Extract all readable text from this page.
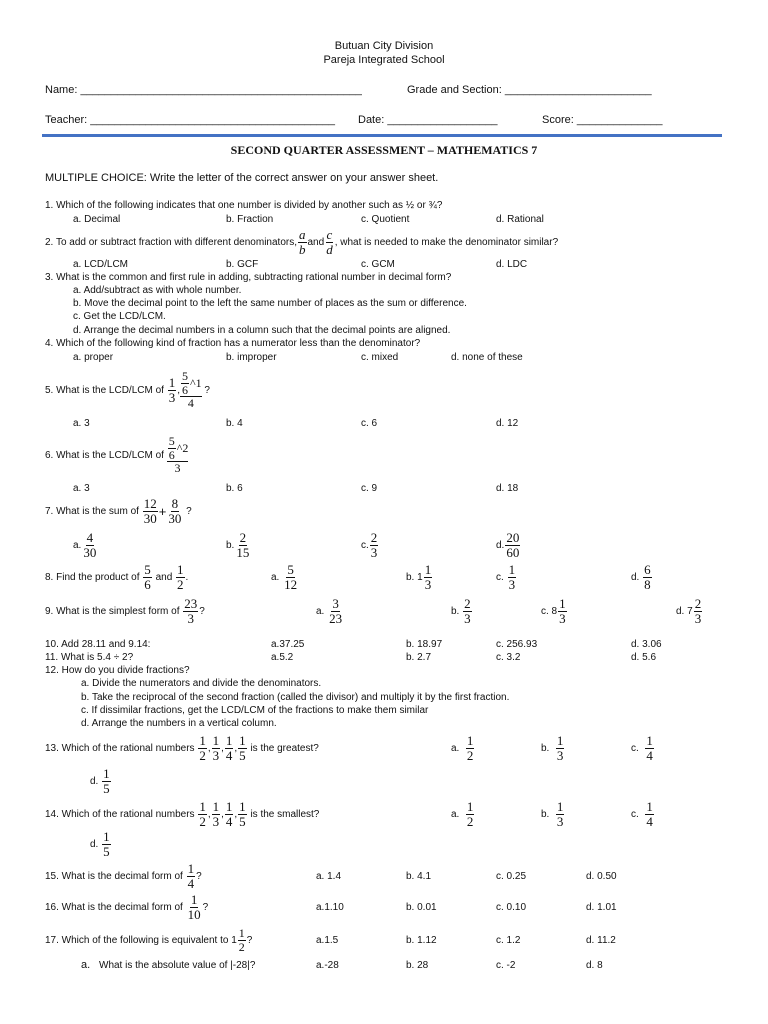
Butuan City Division
Pareja Integrated School
Name: ______________________________________________	Grade and Section: ________________________
Teacher: ________________________________________ Date: __________________	Score: ______________
SECOND QUARTER ASSESSMENT – MATHEMATICS 7
MULTIPLE CHOICE: Write the letter of the correct answer on your answer sheet.
1. Which of the following indicates that one number is divided by another such as ½ or ¾?
a. Decimal	b. Fraction	c. Quotient	d. Rational
2. To add or subtract fraction with different denominators, $\frac{a}{b}$ and $\frac{c}{d}$ , what is needed to make the denominator similar?
a. LCD/LCM	b. GCF	c. GCM	d. LDC
3. What is the common and first rule in adding, subtracting rational number in decimal form?
a. Add/subtract as with whole number.
b. Move the decimal point to the left the same number of places as the sum or difference.
c. Get the LCD/LCM.
d. Arrange the decimal numbers in a column such that the decimal points are aligned.
4. Which of the following kind of fraction has a numerator less than the denominator?
a. proper	b. improper	c. mixed	d. none of these
5. What is the LCD/LCM of
$\frac{1}{3}$ , $\frac{5}{6}$ ^1
4

?
a. 3	b. 4	c. 6	d. 12
6. What is the LCD/LCM of
$\frac{5}{6}$ ^2
3
a. 3	b. 6	c. 9	d. 18
7. What is the sum of
$\frac{12}{30} + \frac{8}{30}$
?
a. $\frac{4}{30}$	b. $\frac{2}{15}$	c. $\frac{2}{3}$	d. $\frac{20}{60}$
8. Find the product of
$\frac{5}{6}$
and
$\frac{1}{2}$ .	a.
$\frac{5}{12}$	b. $1 \frac{1}{3}$	c.
$\frac{1}{3}$	d.
$\frac{6}{8}$
9. What is the simplest form of
$\frac{23}{3}$ ?	a.
$\frac{3}{23}$	b.
$\frac{2}{3}$	c. $8 \frac{1}{3}$	d. $7 \frac{2}{3}$
10. Add 28.11 and 9.14:	a.37.25	b. 18.97	c. 256.93	d. 3.06
11. What is 5.4 ÷ 2?	a.5.2	b. 2.7	c. 3.2	d. 5.6
12. How do you divide fractions?
a. Divide the numerators and divide the denominators.
b. Take the reciprocal of the second fraction (called the divisor) and multiply it by the first fraction.
c. If dissimilar fractions, get the LCD/LCM of the fractions to make them similar
d. Arrange the numbers in a vertical column.
13. Which of the rational numbers
$\frac{1}{2}$ , $\frac{1}{3}$ , $\frac{1}{4}$ , $\frac{1}{5}$
is the greatest?	a.
$\frac{1}{2}$	b.
$\frac{1}{3}$	c.
$\frac{1}{4}$
d.
$\frac{1}{5}$
14. Which of the rational numbers
$\frac{1}{2}$ , $\frac{1}{3}$ , $\frac{1}{4}$ , $\frac{1}{5}$
is the smallest?	a.
$\frac{1}{2}$	b.
$\frac{1}{3}$	c.
$\frac{1}{4}$
d.
$\frac{1}{5}$
15. What is the decimal form of
$\frac{1}{4}$ ?	a. 1.4	b. 4.1	c. 0.25	d. 0.50
16. What is the decimal form of
$\frac{1}{10}$ ?	a.1.10	b. 0.01	c. 0.10	d. 1.01
17. Which of the following is equivalent to $1 \frac{1}{2}$ ?	a.1.5	b. 1.12	c. 1.2	d. 11.2
a. What is the absolute value of |-28|?	a.-28	b. 28	c. -2	d. 8
